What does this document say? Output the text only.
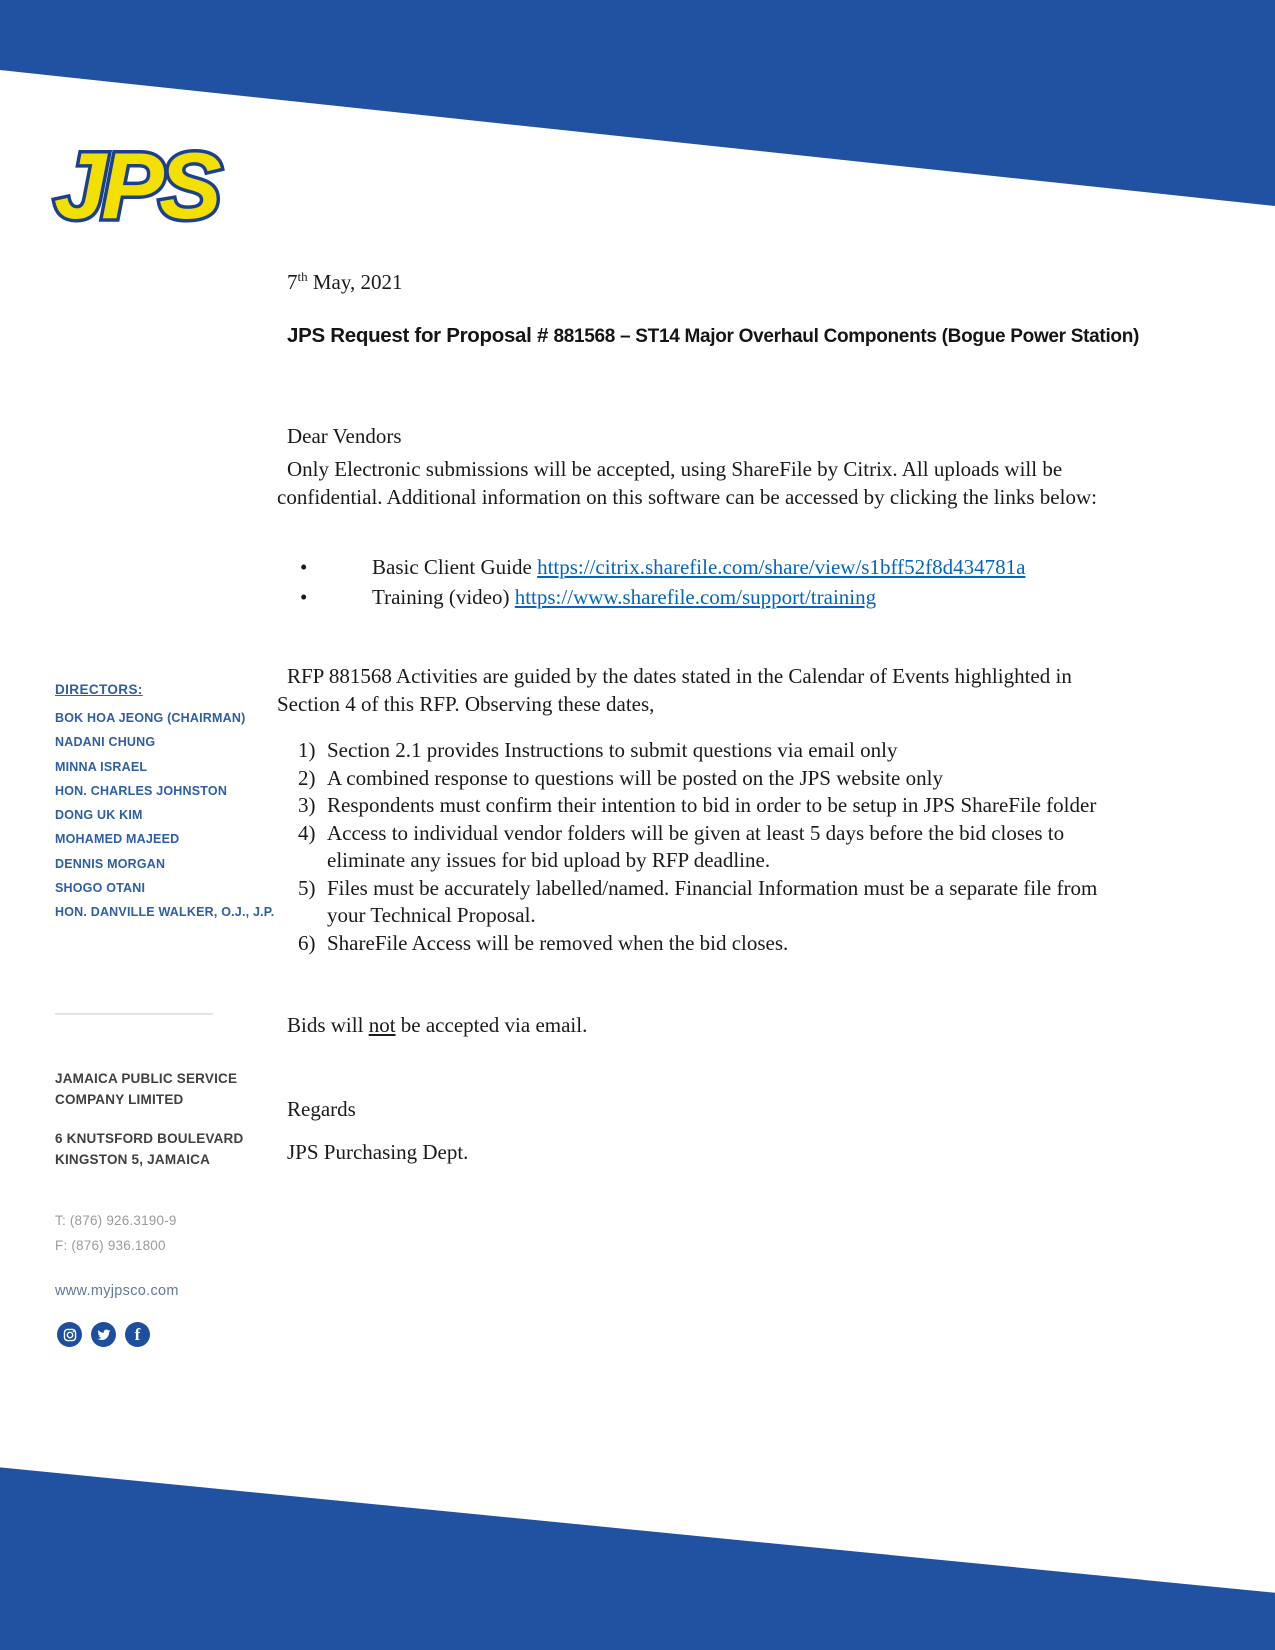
JPS
DIRECTORS:
BOK HOA JEONG (CHAIRMAN)
NADANI CHUNG
MINNA ISRAEL
HON. CHARLES JOHNSTON
DONG UK KIM
MOHAMED MAJEED
DENNIS MORGAN
SHOGO OTANI
HON. DANVILLE WALKER, O.J., J.P.
JAMAICA PUBLIC SERVICE
COMPANY LIMITED
6 KNUTSFORD BOULEVARD
KINGSTON 5, JAMAICA
T: (876) 926.3190-9
F: (876) 936.1800
www.myjpsco.com
f
7th May, 2021
JPS Request for Proposal # 881568 – ST14 Major Overhaul Components (Bogue Power Station)
Dear Vendors
Only Electronic submissions will be accepted, using ShareFile by Citrix. All uploads will be confidential. Additional information on this software can be accessed by clicking the links below:
•	Basic Client Guide https://citrix.sharefile.com/share/view/s1bff52f8d434781a
•	Training (video) https://www.sharefile.com/support/training
RFP 881568 Activities are guided by the dates stated in the Calendar of Events highlighted in Section 4 of this RFP. Observing these dates,
1) Section 2.1 provides Instructions to submit questions via email only
2) A combined response to questions will be posted on the JPS website only
3) Respondents must confirm their intention to bid in order to be setup in JPS ShareFile folder
4) Access to individual vendor folders will be given at least 5 days before the bid closes to eliminate any issues for bid upload by RFP deadline.
5) Files must be accurately labelled/named. Financial Information must be a separate file from your Technical Proposal.
6) ShareFile Access will be removed when the bid closes.
Bids will not be accepted via email.
Regards
JPS Purchasing Dept.
